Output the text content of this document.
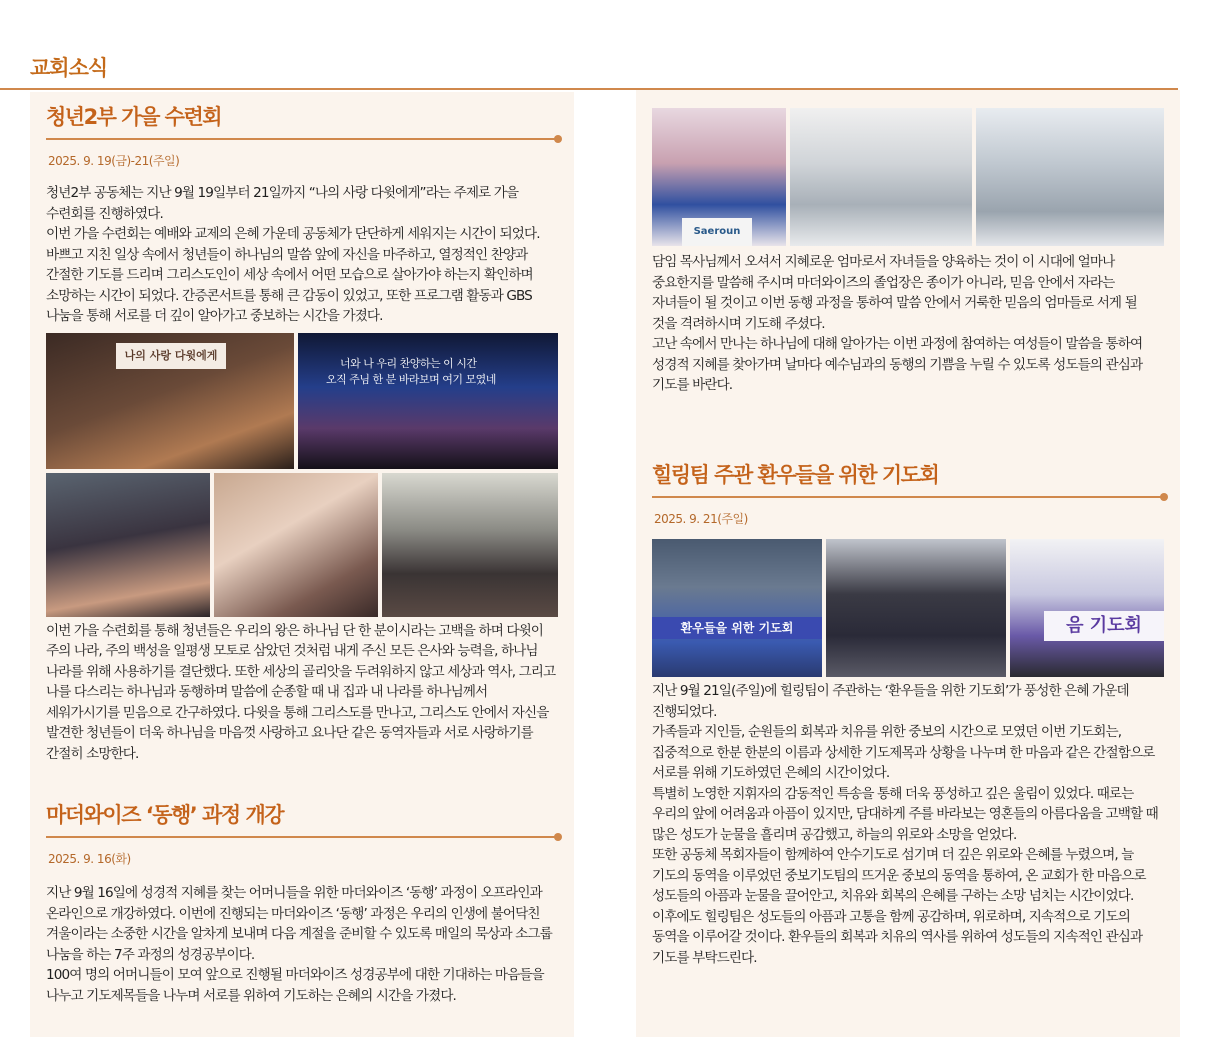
교회소식
청년2부 가을 수련회
2025. 9. 19(금)-21(주일)

청년2부 공동체는 지난 9월 19일부터 21일까지 “나의 사랑 다윗에게”라는 주제로 가을 수련회를 진행하였다.

이번 가을 수련회는 예배와 교제의 은혜 가운데 공동체가 단단하게 세워지는 시간이 되었다. 바쁘고 지친 일상 속에서 청년들이 하나님의 말씀 앞에 자신을 마주하고, 열정적인 찬양과 간절한 기도를 드리며 그리스도인이 세상 속에서 어떤 모습으로 살아가야 하는지 확인하며 소망하는 시간이 되었다. 간증콘서트를 통해 큰 감동이 있었고, 또한 프로그램 활동과 GBS 나눔을 통해 서로를 더 깊이 알아가고 중보하는 시간을 가졌다.

나의 사랑 다윗에게
너와 나 우리 찬양하는 이 시간
오직 주님 한 분 바라보며 여기 모였네

이번 가을 수련회를 통해 청년들은 우리의 왕은 하나님 단 한 분이시라는 고백을 하며 다윗이 주의 나라, 주의 백성을 일평생 모토로 삼았던 것처럼 내게 주신 모든 은사와 능력을, 하나님 나라를 위해 사용하기를 결단했다. 또한 세상의 골리앗을 두려워하지 않고 세상과 역사, 그리고 나를 다스리는 하나님과 동행하며 말씀에 순종할 때 내 집과 내 나라를 하나님께서 세워가시기를 믿음으로 간구하였다. 다윗을 통해 그리스도를 만나고, 그리스도 안에서 자신을 발견한 청년들이 더욱 하나님을 마음껏 사랑하고 요나단 같은 동역자들과 서로 사랑하기를 간절히 소망한다.

마더와이즈 ‘동행’ 과정 개강
2025. 9. 16(화)

지난 9월 16일에 성경적 지혜를 찾는 어머니들을 위한 마더와이즈 ‘동행’ 과정이 오프라인과 온라인으로 개강하였다. 이번에 진행되는 마더와이즈 ‘동행’ 과정은 우리의 인생에 불어닥친 겨울이라는 소중한 시간을 알차게 보내며 다음 계절을 준비할 수 있도록 매일의 묵상과 소그룹 나눔을 하는 7주 과정의 성경공부이다.

100여 명의 어머니들이 모여 앞으로 진행될 마더와이즈 성경공부에 대한 기대하는 마음들을 나누고 기도제목들을 나누며 서로를 위하여 기도하는 은혜의 시간을 가졌다.

Saeroun

담임 목사님께서 오셔서 지혜로운 엄마로서 자녀들을 양육하는 것이 이 시대에 얼마나 중요한지를 말씀해 주시며 마더와이즈의 졸업장은 종이가 아니라, 믿음 안에서 자라는 자녀들이 될 것이고 이번 동행 과정을 통하여 말씀 안에서 거룩한 믿음의 엄마들로 서게 될 것을 격려하시며 기도해 주셨다.

고난 속에서 만나는 하나님에 대해 알아가는 이번 과정에 참여하는 여성들이 말씀을 통하여 성경적 지혜를 찾아가며 날마다 예수님과의 동행의 기쁨을 누릴 수 있도록 성도들의 관심과 기도를 바란다.

힐링팀 주관 환우들을 위한 기도회
2025. 9. 21(주일)
환우들을 위한 기도회	음 기도회

지난 9월 21일(주일)에 힐링팀이 주관하는 ‘환우들을 위한 기도회’가 풍성한 은혜 가운데 진행되었다.

가족들과 지인들, 순원들의 회복과 치유를 위한 중보의 시간으로 모였던 이번 기도회는, 집중적으로 한분 한분의 이름과 상세한 기도제목과 상황을 나누며 한 마음과 같은 간절함으로 서로를 위해 기도하였던 은혜의 시간이었다.

특별히 노영한 지휘자의 감동적인 특송을 통해 더욱 풍성하고 깊은 울림이 있었다. 때로는 우리의 앞에 어려움과 아픔이 있지만, 담대하게 주를 바라보는 영혼들의 아름다움을 고백할 때 많은 성도가 눈물을 흘리며 공감했고, 하늘의 위로와 소망을 얻었다.

또한 공동체 목회자들이 함께하여 안수기도로 섬기며 더 깊은 위로와 은혜를 누렸으며, 늘 기도의 동역을 이루었던 중보기도팀의 뜨거운 중보의 동역을 통하여, 온 교회가 한 마음으로 성도들의 아픔과 눈물을 끌어안고, 치유와 회복의 은혜를 구하는 소망 넘치는 시간이었다.

이후에도 힐링팀은 성도들의 아픔과 고통을 함께 공감하며, 위로하며, 지속적으로 기도의 동역을 이루어갈 것이다. 환우들의 회복과 치유의 역사를 위하여 성도들의 지속적인 관심과 기도를 부탁드린다.
